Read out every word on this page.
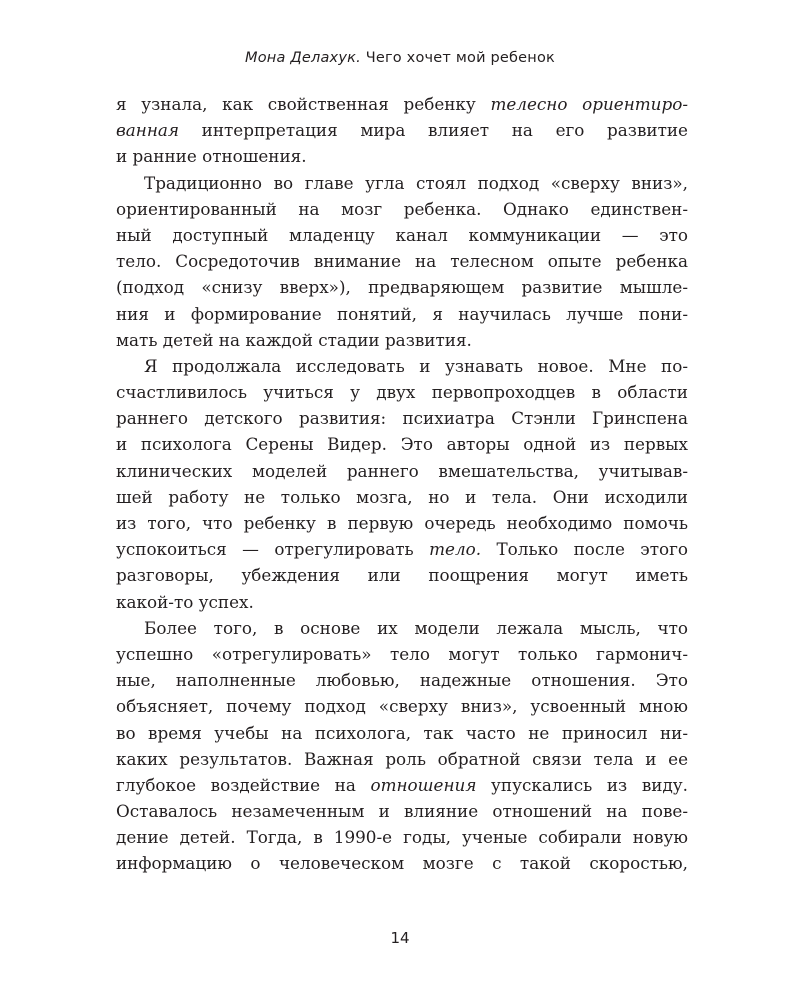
Мона Делахук. Чего хочет мой ребенок
я узнала, как свойственная ребенку телесно ориентиро-
ванная интерпретация мира влияет на его развитие
и ранние отношения.
Традиционно во главе угла стоял подход «сверху вниз»,
ориентированный на мозг ребенка. Однако единствен-
ный доступный младенцу канал коммуникации — это
тело. Сосредоточив внимание на телесном опыте ребенка
(подход «снизу вверх»), предваряющем развитие мышле-
ния и формирование понятий, я научилась лучше пони-
мать детей на каждой стадии развития.
Я продолжала исследовать и узнавать новое. Мне по-
счастливилось учиться у двух первопроходцев в области
раннего детского развития: психиатра Стэнли Гринспена
и психолога Серены Видер. Это авторы одной из первых
клинических моделей раннего вмешательства, учитывав-
шей работу не только мозга, но и тела. Они исходили
из того, что ребенку в первую очередь необходимо помочь
успокоиться — отрегулировать тело. Только после этого
разговоры, убеждения или поощрения могут иметь
какой-то успех.
Более того, в основе их модели лежала мысль, что
успешно «отрегулировать» тело могут только гармонич-
ные, наполненные любовью, надежные отношения. Это
объясняет, почему подход «сверху вниз», усвоенный мною
во время учебы на психолога, так часто не приносил ни-
каких результатов. Важная роль обратной связи тела и ее
глубокое воздействие на отношения упускались из виду.
Оставалось незамеченным и влияние отношений на пове-
дение детей. Тогда, в 1990-е годы, ученые собирали новую
информацию о человеческом мозге с такой скоростью,
14
